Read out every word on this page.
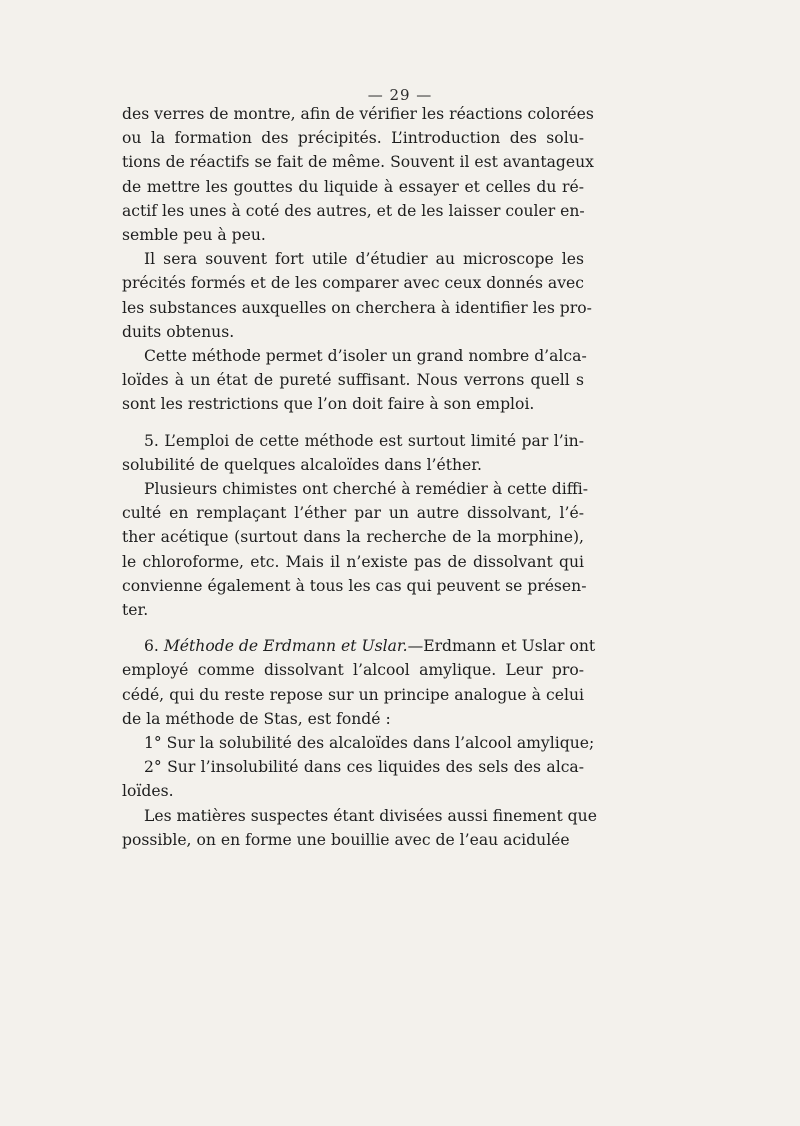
— 29 —

des verres de montre, afin de vérifier les réactions colorées
ou la formation des précipités. L’introduction des solu-
tions de réactifs se fait de même. Souvent il est avantageux
de mettre les gouttes du liquide à essayer et celles du ré-
actif les unes à coté des autres, et de les laisser couler en-
semble peu à peu.

Il sera souvent fort utile d’étudier au microscope les
précités formés et de les comparer avec ceux donnés avec
les substances auxquelles on cherchera à identifier les pro-
duits obtenus.

Cette méthode permet d’isoler un grand nombre d’alca-
loïdes à un état de pureté suffisant. Nous verrons quell s
sont les restrictions que l’on doit faire à son emploi.

5. L’emploi de cette méthode est surtout limité par l’in-
solubilité de quelques alcaloïdes dans l’éther.

Plusieurs chimistes ont cherché à remédier à cette diffi-
culté en remplaçant l’éther par un autre dissolvant, l’é-
ther acétique (surtout dans la recherche de la morphine),
le chloroforme, etc. Mais il n’existe pas de dissolvant qui
convienne également à tous les cas qui peuvent se présen-
ter.

6. Méthode de Erdmann et Uslar.—Erdmann et Uslar ont
employé comme dissolvant l’alcool amylique. Leur pro-
cédé, qui du reste repose sur un principe analogue à celui
de la méthode de Stas, est fondé :

1° Sur la solubilité des alcaloïdes dans l’alcool amylique;

2° Sur l’insolubilité dans ces liquides des sels des alca-
loïdes.

Les matières suspectes étant divisées aussi finement que
possible, on en forme une bouillie avec de l’eau acidulée
